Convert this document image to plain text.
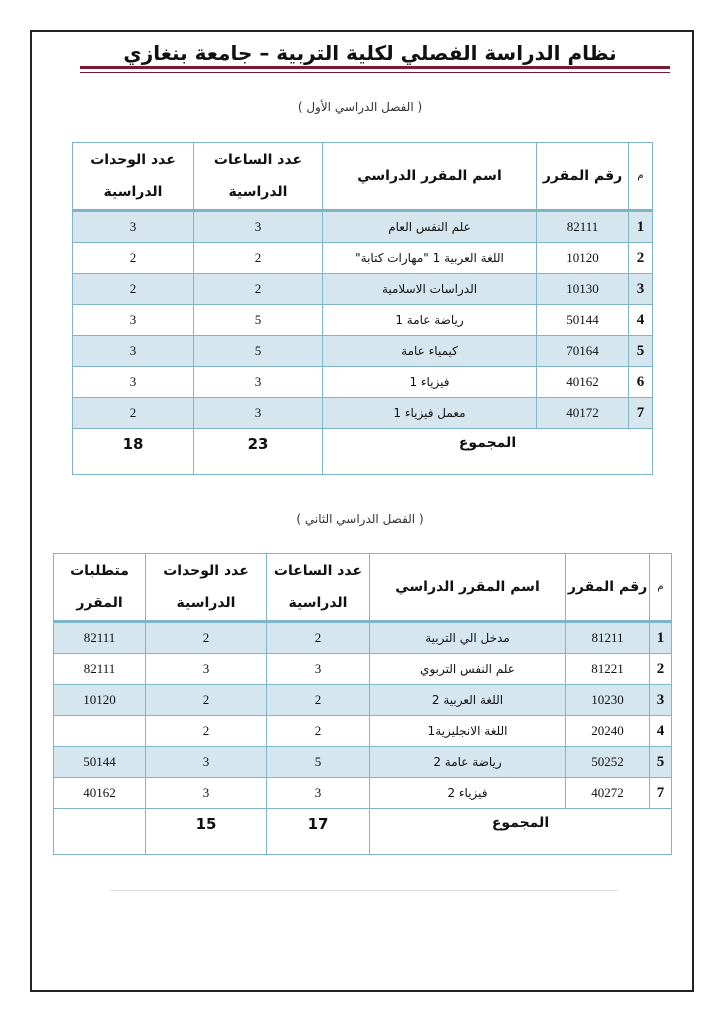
نظام الدراسة الفصلي لكلية التربية – جامعة بنغازي
( الفصل الدراسي الأول )
م	رقم المقرر	اسم المقرر الدراسي	عدد الساعات
الدراسية	عدد الوحدات
الدراسية
1	82111	علم النفس العام	3	3
2	10120	اللغة العربية 1 "مهارات كتابة"	2	2
3	10130	الدراسات الاسلامية	2	2
4	50144	رياضة عامة 1	5	3
5	70164	كيمياء عامة	5	3
6	40162	فيزياء 1	3	3
7	40172	معمل فيزياء 1	3	2
المجموع			23	18
( الفصل الدراسي الثاني )
م	رقم المقرر	اسم المقرر الدراسي	عدد الساعات
الدراسية	عدد الوحدات
الدراسية	متطلبات
المقرر
1	81211	مدخل الي التربية	2	2	82111
2	81221	علم النفس التربوي	3	3	82111
3	10230	اللغة العربية 2	2	2	10120
4	20240	اللغة الانجليزية1	2	2	
5	50252	رياضة عامة 2	5	3	50144
7	40272	فيزياء 2	3	3	40162
المجموع			17	15	
